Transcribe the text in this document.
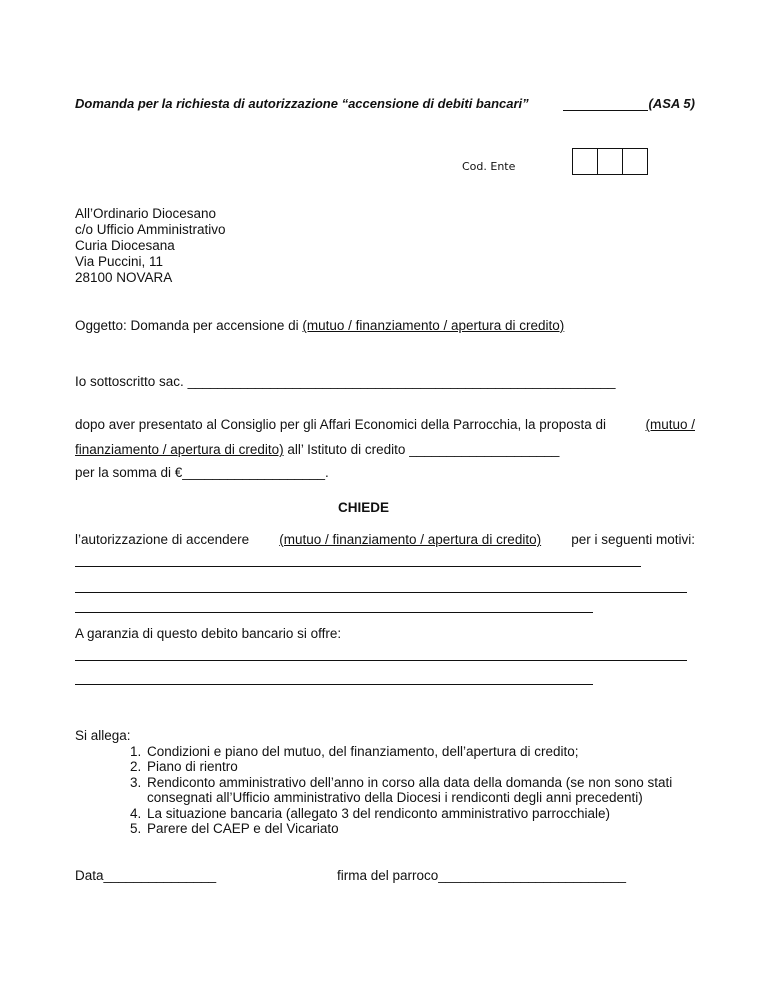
Domanda per la richiesta di autorizzazione “accensione di debiti bancari”	(ASA 5)
Cod. Ente
All’Ordinario Diocesano
c/o Ufficio Amministrativo
Curia Diocesana
Via Puccini, 11
28100 NOVARA
Oggetto: Domanda per accensione di (mutuo / finanziamento / apertura di credito)
Io sottoscritto sac. _________________________________________________________
dopo aver presentato al Consiglio per gli Affari Economici della Parrocchia, la proposta di	(mutuo /
finanziamento / apertura di credito) all’ Istituto di credito ____________________
per la somma di €___________________.
CHIEDE
l’autorizzazione di accendere (mutuo / finanziamento / apertura di credito) per i seguenti motivi:
A garanzia di questo debito bancario si offre:
Si allega:
1. Condizioni e piano del mutuo, del finanziamento, dell’apertura di credito;
2. Piano di rientro
3. Rendiconto amministrativo dell’anno in corso alla data della domanda (se non sono stati consegnati all’Ufficio amministrativo della Diocesi i rendiconti degli anni precedenti)
4. La situazione bancaria (allegato 3 del rendiconto amministrativo parrocchiale)
5. Parere del CAEP e del Vicariato
Data_______________	firma del parroco_________________________
